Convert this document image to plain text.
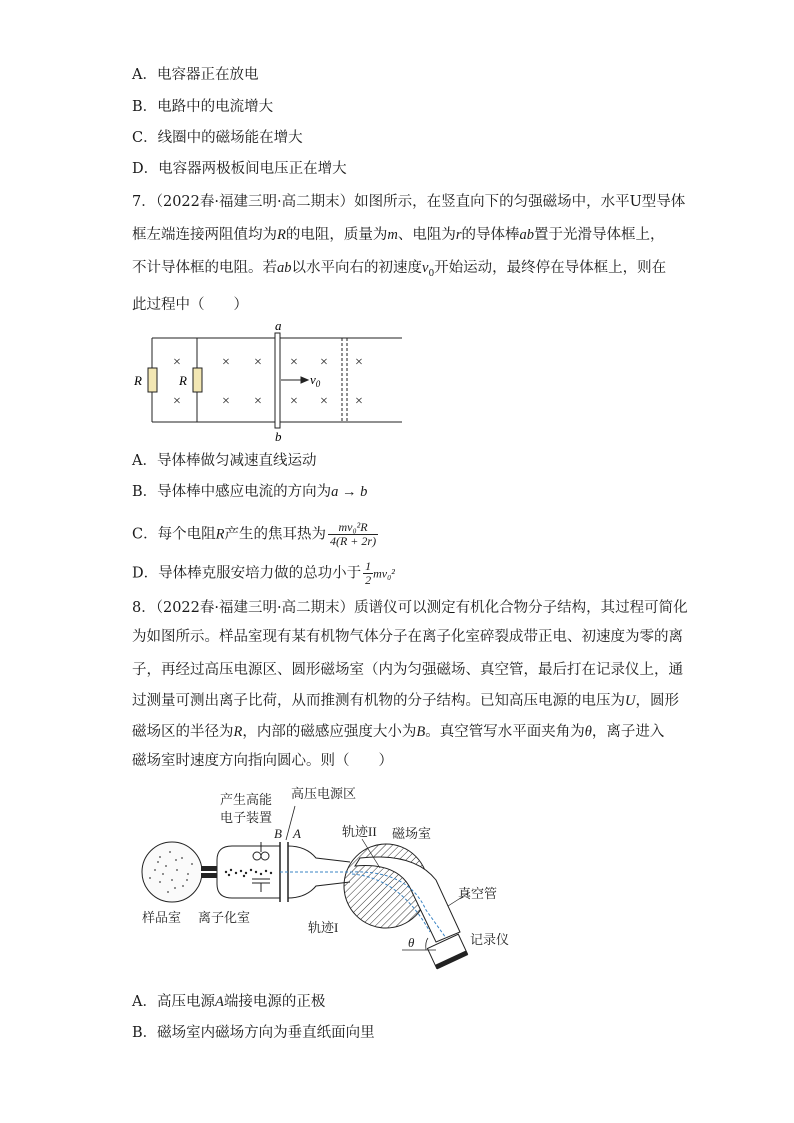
A．电容器正在放电
B．电路中的电流增大
C．线圈中的磁场能在增大
D．电容器两极板间电压正在增大
7．（2022春·福建三明·高二期末）如图所示，在竖直向下的匀强磁场中，水平U型导体
框左端连接两阻值均为R的电阻，质量为m、电阻为r的导体棒ab置于光滑导体框上，
不计导体框的电阻。若ab以水平向右的初速度$v_0$开始运动，最终停在导体框上，则在
此过程中（　　）
R	R
a
b
$v_0$
×
×
×
×
×
×
×
×
×
×
×
×
A．导体棒做匀减速直线运动
B．导体棒中感应电流的方向为a → b
C．每个电阻R产生的焦耳热为 $\frac{\text{mv₀²R}}{4(R + 2r)}$
D．导体棒克服安培力做的总功小于 $\frac{1}{2} mv_0^2$
8．（2022春·福建三明·高二期末）质谱仪可以测定有机化合物分子结构，其过程可简化
为如图所示。样品室现有某有机物气体分子在离子化室碎裂成带正电、初速度为零的离
子，再经过高压电源区、圆形磁场室（内为匀强磁场、真空管，最后打在记录仪上，通
过测量可测出离子比荷，从而推测有机物的分子结构。已知高压电源的电压为U，圆形
磁场区的半径为R，内部的磁感应强度大小为B。真空管写水平面夹角为θ，离子进入
磁场室时速度方向指向圆心。则（　　）
产生高能
电子装置
高压电源区
B A	轨迹II 磁场室
真空管
样品室 离子化室
轨迹I
θ	记录仪
A．高压电源A端接电源的正极
B．磁场室内磁场方向为垂直纸面向里
